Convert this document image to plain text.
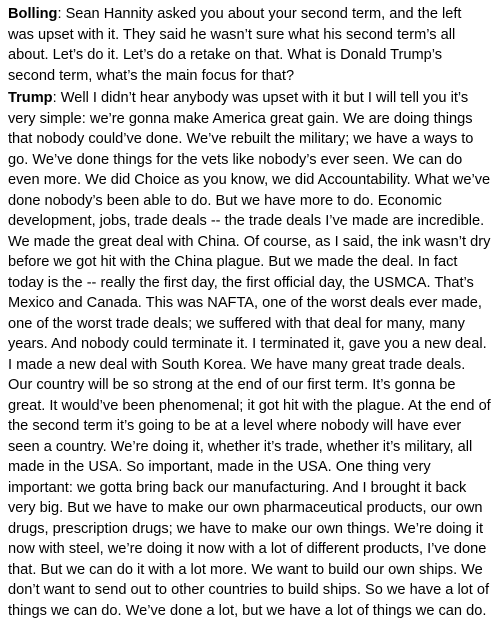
Bolling: Sean Hannity asked you about your second term, and the left was upset with it. They said he wasn’t sure what his second term’s all about. Let’s do it. Let’s do a retake on that. What is Donald Trump’s second term, what’s the main focus for that?

Trump: Well I didn’t hear anybody was upset with it but I will tell you it’s very simple: we’re gonna make America great gain. We are doing things that nobody could’ve done. We’ve rebuilt the military; we have a ways to go. We’ve done things for the vets like nobody’s ever seen. We can do even more. We did Choice as you know, we did Accountability. What we’ve done nobody’s been able to do. But we have more to do. Economic development, jobs, trade deals -- the trade deals I’ve made are incredible. We made the great deal with China. Of course, as I said, the ink wasn’t dry before we got hit with the China plague. But we made the deal. In fact today is the -- really the first day, the first official day, the USMCA. That’s Mexico and Canada. This was NAFTA, one of the worst deals ever made, one of the worst trade deals; we suffered with that deal for many, many years. And nobody could terminate it. I terminated it, gave you a new deal. I made a new deal with South Korea. We have many great trade deals. Our country will be so strong at the end of our first term. It’s gonna be great. It would’ve been phenomenal; it got hit with the plague. At the end of the second term it’s going to be at a level where nobody will have ever seen a country. We’re doing it, whether it’s trade, whether it’s military, all made in the USA. So important, made in the USA. One thing very important: we gotta bring back our manufacturing. And I brought it back very big. But we have to make our own pharmaceutical products, our own drugs, prescription drugs; we have to make our own things. We’re doing it now with steel, we’re doing it now with a lot of different products, I’ve done that. But we can do it with a lot more. We want to build our own ships. We don’t want to send out to other countries to build ships. So we have a lot of things we can do. We’ve done a lot, but we have a lot of things we can do.
